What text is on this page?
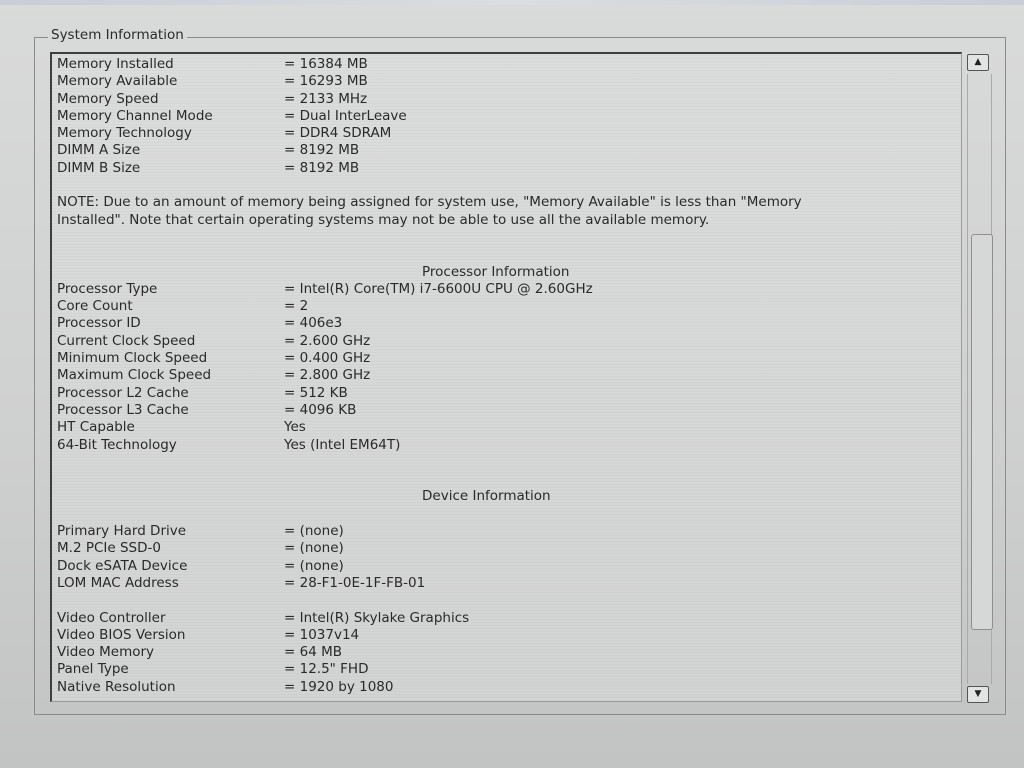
System Information
Memory Installed	= 16384 MB
Memory Available	= 16293 MB
Memory Speed	= 2133 MHz
Memory Channel Mode	= Dual InterLeave
Memory Technology	= DDR4 SDRAM
DIMM A Size	= 8192 MB
DIMM B Size	= 8192 MB
NOTE: Due to an amount of memory being assigned for system use, "Memory Available" is less than "Memory Installed". Note that certain operating systems may not be able to use all the available memory.
Processor Information
Processor Type	= Intel(R) Core(TM) i7-6600U CPU @ 2.60GHz
Core Count	= 2
Processor ID	= 406e3
Current Clock Speed	= 2.600 GHz
Minimum Clock Speed	= 0.400 GHz
Maximum Clock Speed	= 2.800 GHz
Processor L2 Cache	= 512 KB
Processor L3 Cache	= 4096 KB
HT Capable	Yes
64-Bit Technology	Yes (Intel EM64T)
Device Information
Primary Hard Drive	= (none)
M.2 PCIe SSD-0	= (none)
Dock eSATA Device	= (none)
LOM MAC Address	= 28-F1-0E-1F-FB-01
Video Controller	= Intel(R) Skylake Graphics
Video BIOS Version	= 1037v14
Video Memory	= 64 MB
Panel Type	= 12.5" FHD
Native Resolution	= 1920 by 1080
▲
▼
